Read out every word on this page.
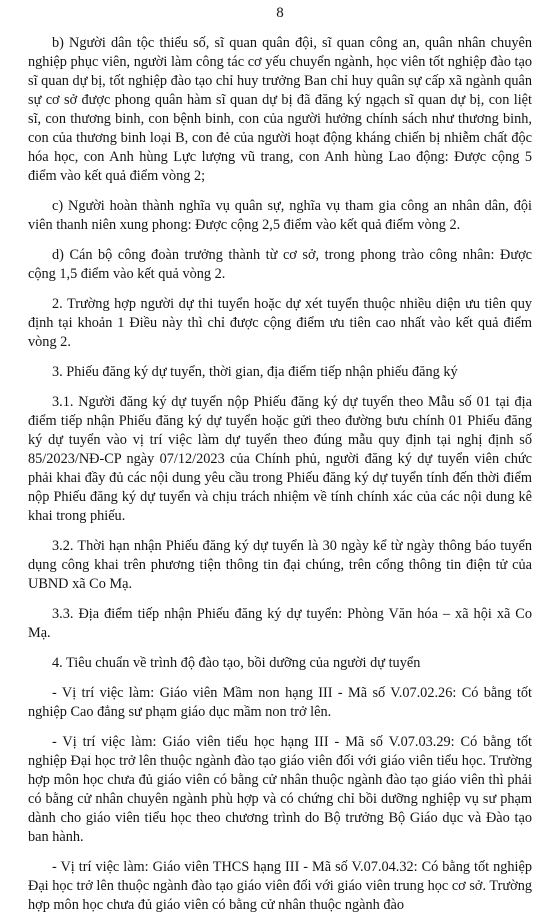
8

b) Người dân tộc thiểu số, sĩ quan quân đội, sĩ quan công an, quân nhân chuyên nghiệp phục viên, người làm công tác cơ yếu chuyển ngành, học viên tốt nghiệp đào tạo sĩ quan dự bị, tốt nghiệp đào tạo chỉ huy trưởng Ban chỉ huy quân sự cấp xã ngành quân sự cơ sở được phong quân hàm sĩ quan dự bị đã đăng ký ngạch sĩ quan dự bị, con liệt sĩ, con thương binh, con bệnh binh, con của người hưởng chính sách như thương binh, con của thương binh loại B, con đẻ của người hoạt động kháng chiến bị nhiễm chất độc hóa học, con Anh hùng Lực lượng vũ trang, con Anh hùng Lao động: Được cộng 5 điểm vào kết quả điểm vòng 2;

c) Người hoàn thành nghĩa vụ quân sự, nghĩa vụ tham gia công an nhân dân, đội viên thanh niên xung phong: Được cộng 2,5 điểm vào kết quả điểm vòng 2.

d) Cán bộ công đoàn trưởng thành từ cơ sở, trong phong trào công nhân: Được cộng 1,5 điểm vào kết quả vòng 2.

2. Trường hợp người dự thi tuyển hoặc dự xét tuyển thuộc nhiều diện ưu tiên quy định tại khoản 1 Điều này thì chỉ được cộng điểm ưu tiên cao nhất vào kết quả điểm vòng 2.

3. Phiếu đăng ký dự tuyển, thời gian, địa điểm tiếp nhận phiếu đăng ký

3.1. Người đăng ký dự tuyển nộp Phiếu đăng ký dự tuyển theo Mẫu số 01 tại địa điểm tiếp nhận Phiếu đăng ký dự tuyển hoặc gửi theo đường bưu chính 01 Phiếu đăng ký dự tuyển vào vị trí việc làm dự tuyển theo đúng mẫu quy định tại nghị định số 85/2023/NĐ-CP ngày 07/12/2023 của Chính phủ, người đăng ký dự tuyển viên chức phải khai đầy đủ các nội dung yêu cầu trong Phiếu đăng ký dự tuyển tính đến thời điểm nộp Phiếu đăng ký dự tuyển và chịu trách nhiệm về tính chính xác của các nội dung kê khai trong phiếu.

3.2. Thời hạn nhận Phiếu đăng ký dự tuyển là 30 ngày kể từ ngày thông báo tuyển dụng công khai trên phương tiện thông tin đại chúng, trên cổng thông tin điện tử của UBND xã Co Mạ.

3.3. Địa điểm tiếp nhận Phiếu đăng ký dự tuyển: Phòng Văn hóa – xã hội xã Co Mạ.

4. Tiêu chuẩn về trình độ đào tạo, bồi dưỡng của người dự tuyển

- Vị trí việc làm: Giáo viên Mầm non hạng III - Mã số V.07.02.26: Có bằng tốt nghiệp Cao đẳng sư phạm giáo dục mầm non trở lên.

- Vị trí việc làm: Giáo viên tiểu học hạng III - Mã số V.07.03.29: Có bằng tốt nghiệp Đại học trở lên thuộc ngành đào tạo giáo viên đối với giáo viên tiểu học. Trường hợp môn học chưa đủ giáo viên có bằng cử nhân thuộc ngành đào tạo giáo viên thì phải có bằng cử nhân chuyên ngành phù hợp và có chứng chỉ bồi dưỡng nghiệp vụ sư phạm dành cho giáo viên tiểu học theo chương trình do Bộ trưởng Bộ Giáo dục và Đào tạo ban hành.

- Vị trí việc làm: Giáo viên THCS hạng III - Mã số V.07.04.32: Có bằng tốt nghiệp Đại học trở lên thuộc ngành đào tạo giáo viên đối với giáo viên trung học cơ sở. Trường hợp môn học chưa đủ giáo viên có bằng cử nhân thuộc ngành đào
